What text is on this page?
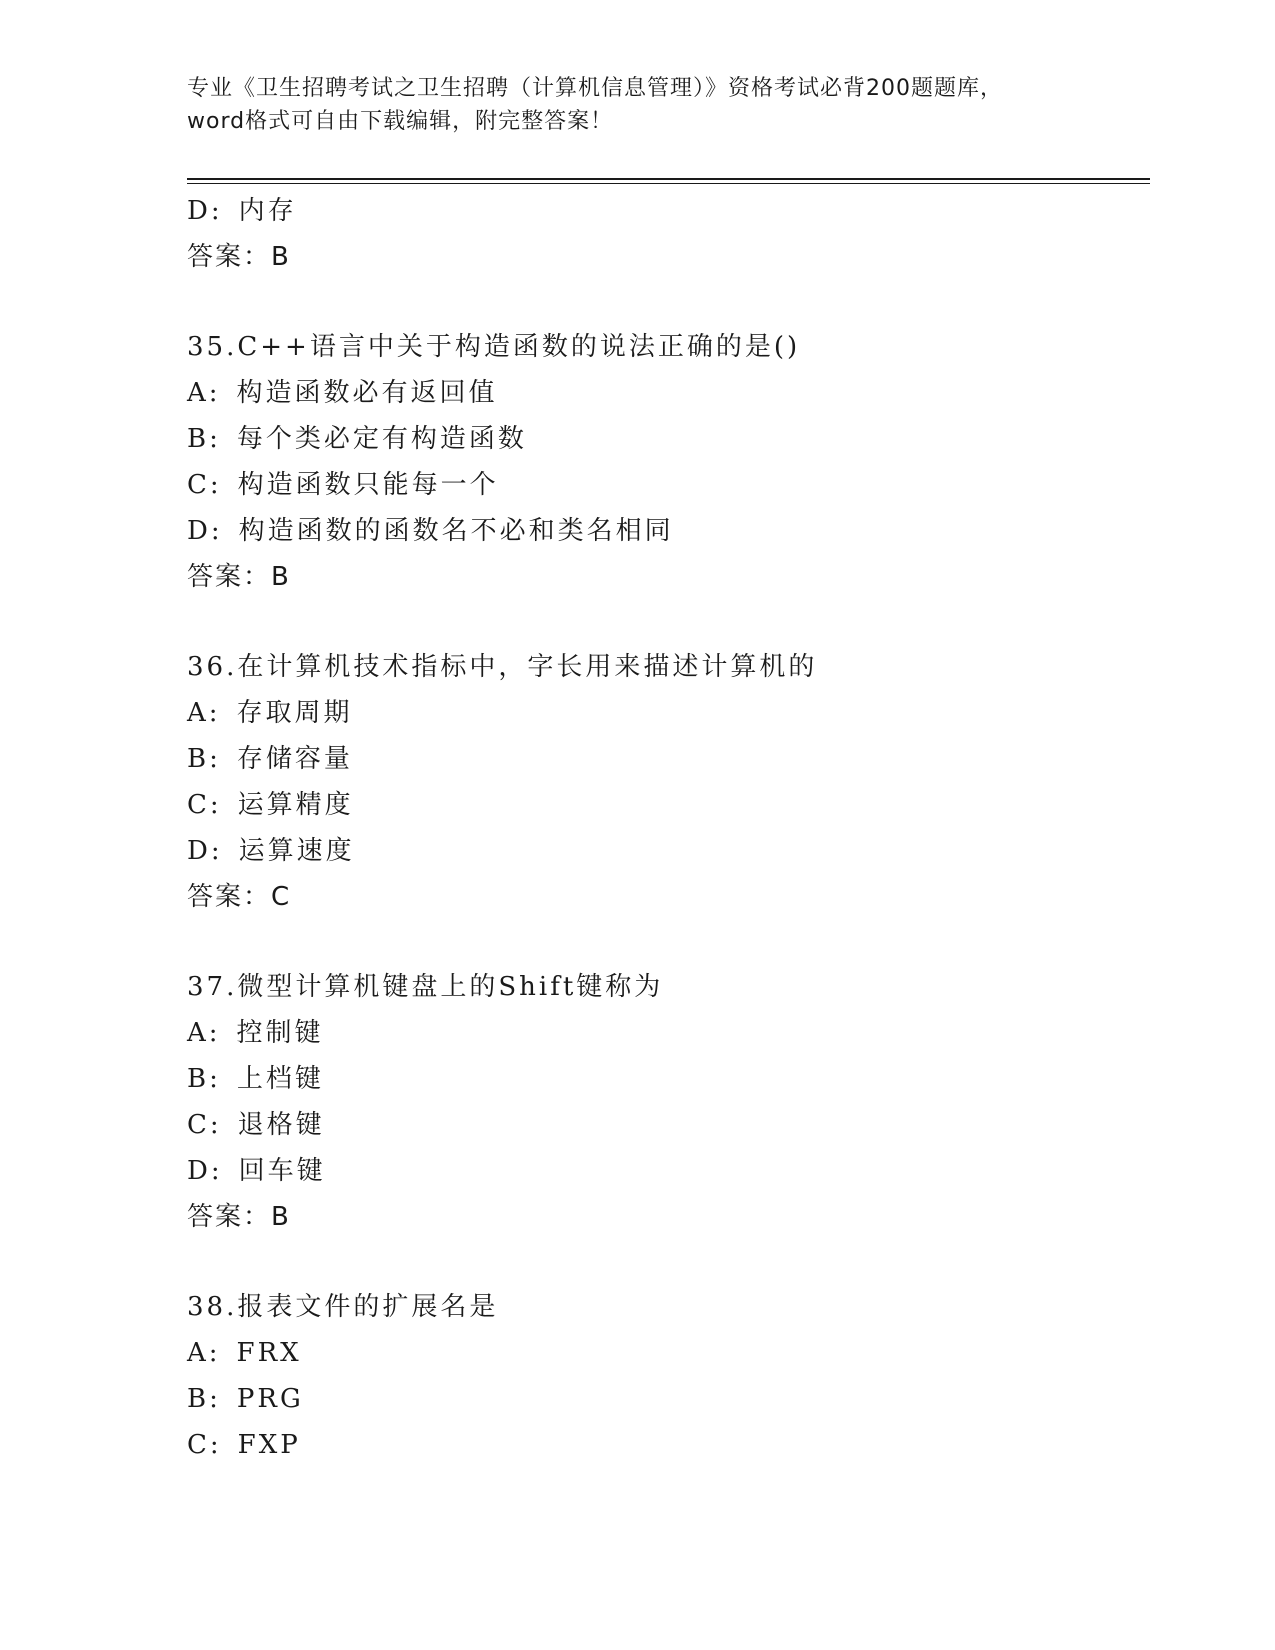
专业《卫生招聘考试之卫生招聘（计算机信息管理）》资格考试必背200题题库，
word格式可自由下载编辑，附完整答案！
D: 内存
答案：B
35.C++语言中关于构造函数的说法正确的是()
A: 构造函数必有返回值
B: 每个类必定有构造函数
C: 构造函数只能每一个
D: 构造函数的函数名不必和类名相同
答案：B
36.在计算机技术指标中，字长用来描述计算机的
A: 存取周期
B: 存储容量
C: 运算精度
D: 运算速度
答案：C
37.微型计算机键盘上的Shift键称为
A: 控制键
B: 上档键
C: 退格键
D: 回车键
答案：B
38.报表文件的扩展名是
A: FRX
B: PRG
C: FXP
